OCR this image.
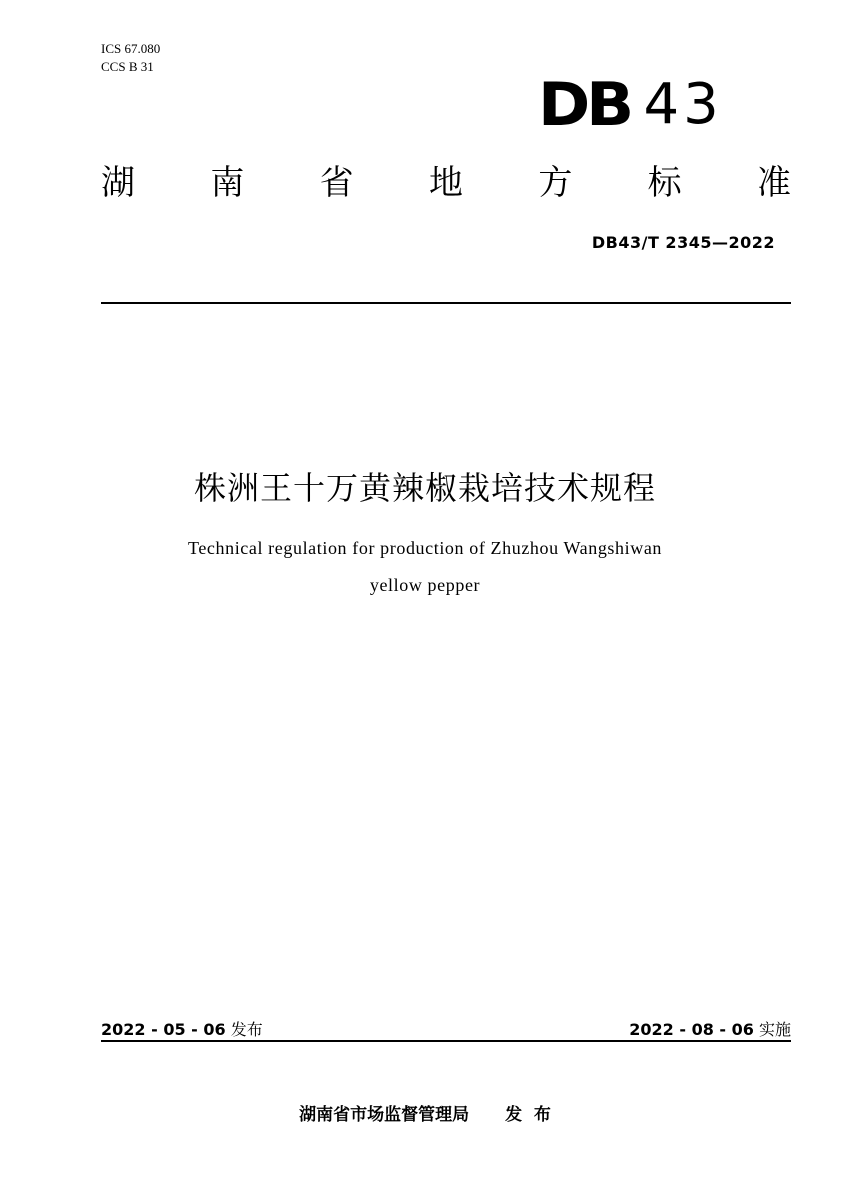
ICS 67.080
CCS B 31
DB 43
湖 南 省 地 方 标 准
DB43/T 2345—2022
株洲王十万黄辣椒栽培技术规程
Technical regulation for production of Zhuzhou Wangshiwan
yellow pepper
2022 - 05 - 06 发布	2022 - 08 - 06 实施
湖南省市场监督管理局 发  布
